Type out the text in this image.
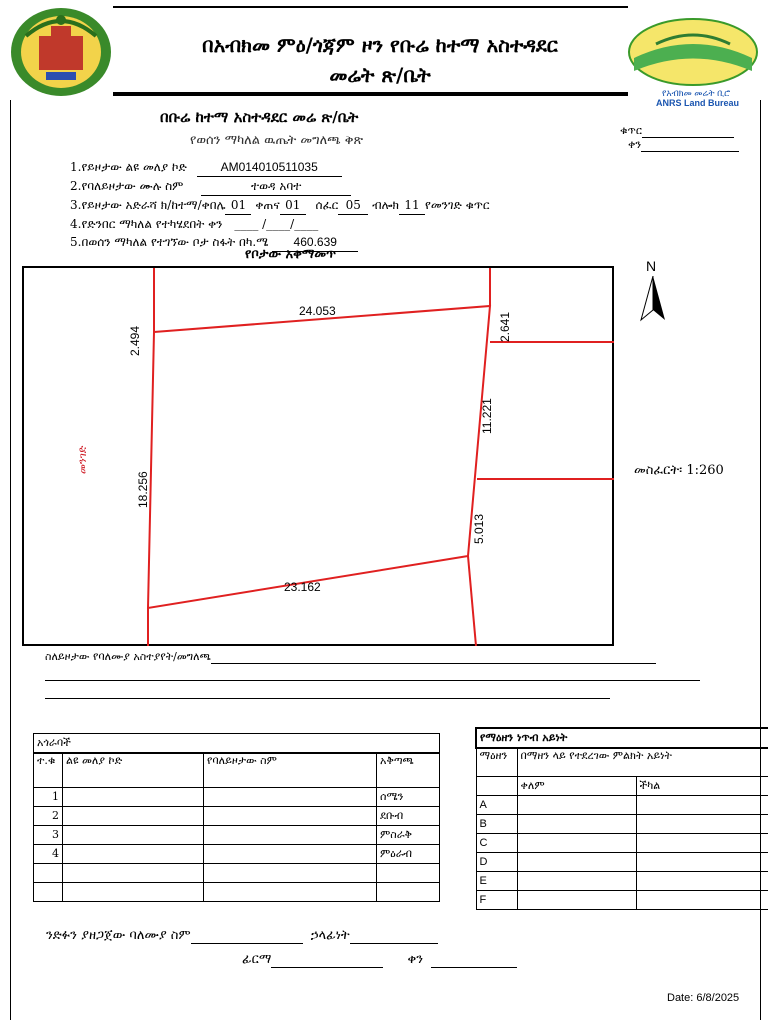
በአብክመ ምዕ/ጎጃም ዞን የቡሬ ከተማ አስተዳደር
መሬት ጽ/ቤት
የአብክመ መሬት ቢሮ
ANRS Land Bureau
በቡሬ ከተማ አስተዳደር መሬ ጽ/ቤት
የወሰን ማካለል ዉጤት መግለጫ ቅጽ
ቁጥር
ቀን
1.የይዞታው ልዩ መለያ ኮድ	AM014010511035
2.የባለይዞታው ሙሉ ስም	ተወዳ አባተ
3.የይዞታው አድራሻ ክ/ከተማ/ቀበሌ 01 ቀጠና 01 ሰፈር 05 ብሎክ 11 የመንገድ ቁጥር
4.የድንበር ማካለል የተካሄደበት ቀን ____ /____/____
5.በወሰን ማካለል የተገኘው ቦታ ስፋት በካ.ሜ 460.639
የቦታው አቀማመጥ
24.053
2.494
18.256
2.641
11.221
5.013
23.162
መንገድ
N
መስፈርት፡ 1:260
ስለይዞታው የባለሙያ አስተያየት/መግለጫ
አጎራባች			
ተ.ቁ	ልዩ መለያ ኮድ	የባለይዞታው ስም	አቅጣጫ
1			ሰሜን
2			ደቡብ
3			ምስራቅ
4			ምዕራብ

የማዕዘን ነጥብ አይነት		
ማዕዘን	በማዘን ላይ የተደረገው ምልክት አይነት	
	ቀለም	ችካል
A		
B		
C		
D		
E		
F		
ንድፉን ያዘጋጀው ባለሙያ ስም	ኃላፊነት
ፊርማ	ቀን
Date: 6/8/2025
